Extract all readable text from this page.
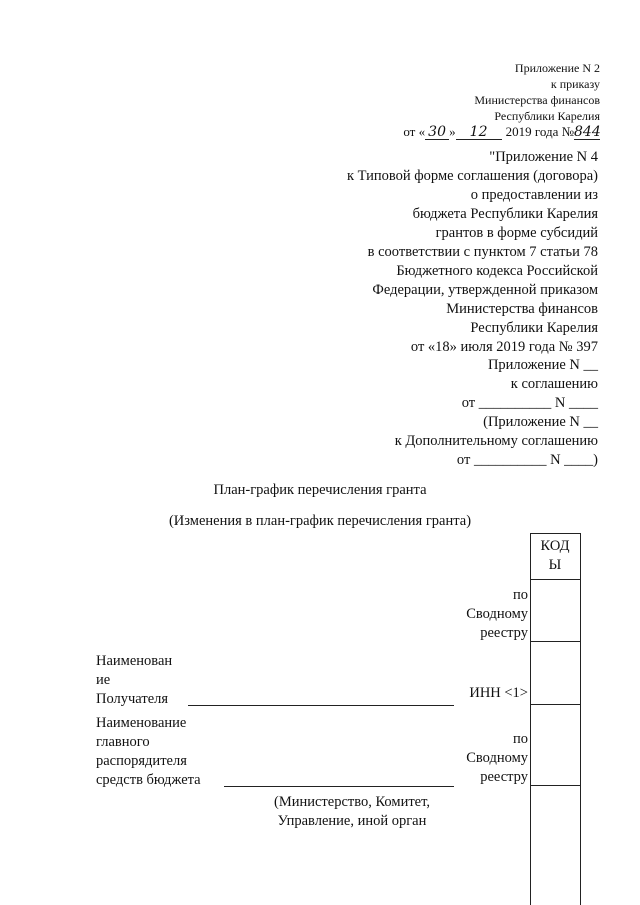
Приложение N 2
к приказу
Министерства финансов
Республики Карелия
от « 30 » 12 2019 года №844
"Приложение N 4
к Типовой форме соглашения (договора)
о предоставлении из
бюджета Республики Карелия
грантов в форме субсидий
в соответствии с пунктом 7 статьи 78
Бюджетного кодекса Российской
Федерации, утвержденной приказом
Министерства финансов
Республики Карелия
от «18» июля 2019 года № 397
Приложение N __
к соглашению
от __________ N ____
(Приложение N __
к Дополнительному соглашению
от __________ N ____)
План-график перечисления гранта
(Изменения в план-график перечисления гранта)
КОДЫ
по
Сводному
реестру
Наименован
ие
Получателя	ИНН <1>
Наименование
главного
распорядителя
средств бюджета
по
Сводному
реестру
(Министерство, Комитет,
Управление, иной орган
